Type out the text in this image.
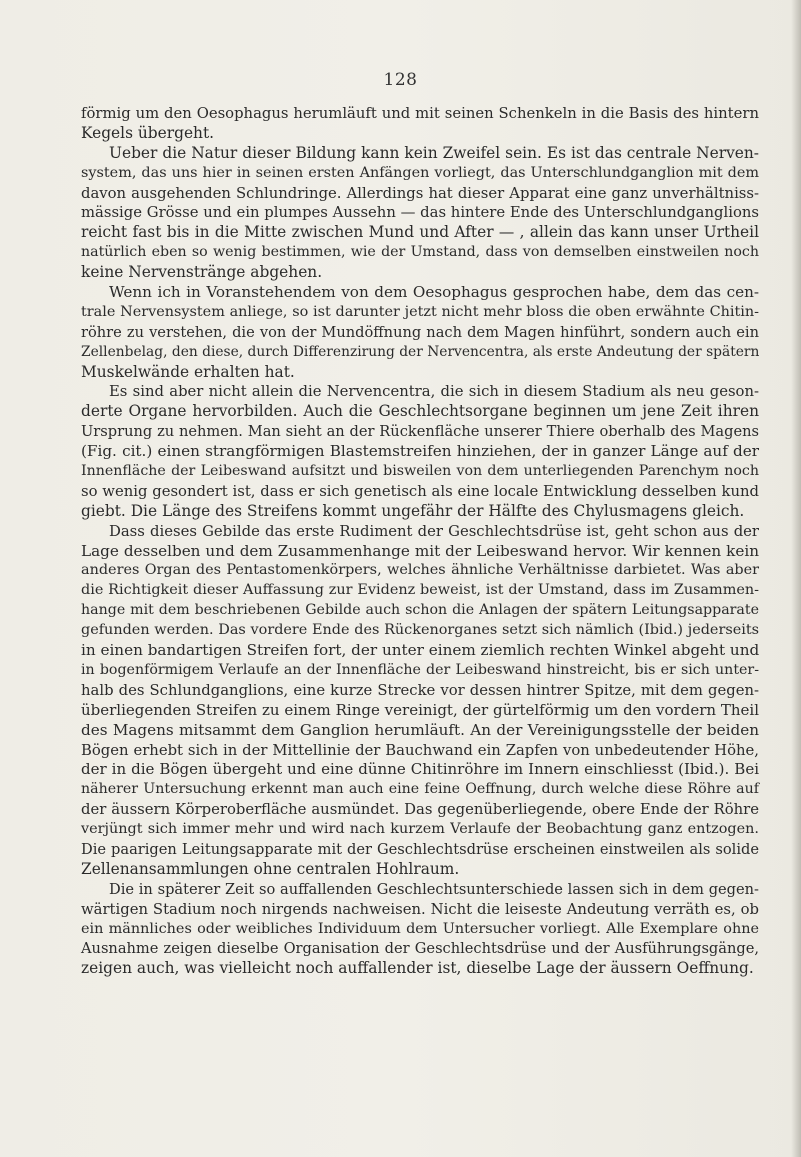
128
förmig um den Oesophagus herumläuft und mit seinen Schenkeln in die Basis des hintern
Kegels übergeht.
Ueber die Natur dieser Bildung kann kein Zweifel sein. Es ist das centrale Nerven-
system, das uns hier in seinen ersten Anfängen vorliegt, das Unterschlundganglion mit dem
davon ausgehenden Schlundringe. Allerdings hat dieser Apparat eine ganz unverhältniss-
mässige Grösse und ein plumpes Aussehn — das hintere Ende des Unterschlundganglions
reicht fast bis in die Mitte zwischen Mund und After — , allein das kann unser Urtheil
natürlich eben so wenig bestimmen, wie der Umstand, dass von demselben einstweilen noch
keine Nervenstränge abgehen.
Wenn ich in Voranstehendem von dem Oesophagus gesprochen habe, dem das cen-
trale Nervensystem anliege, so ist darunter jetzt nicht mehr bloss die oben erwähnte Chitin-
röhre zu verstehen, die von der Mundöffnung nach dem Magen hinführt, sondern auch ein
Zellenbelag, den diese, durch Differenzirung der Nervencentra, als erste Andeutung der spätern
Muskelwände erhalten hat.
Es sind aber nicht allein die Nervencentra, die sich in diesem Stadium als neu geson-
derte Organe hervorbilden. Auch die Geschlechtsorgane beginnen um jene Zeit ihren
Ursprung zu nehmen. Man sieht an der Rückenfläche unserer Thiere oberhalb des Magens
(Fig. cit.) einen strangförmigen Blastemstreifen hinziehen, der in ganzer Länge auf der
Innenfläche der Leibeswand aufsitzt und bisweilen von dem unterliegenden Parenchym noch
so wenig gesondert ist, dass er sich genetisch als eine locale Entwicklung desselben kund
giebt. Die Länge des Streifens kommt ungefähr der Hälfte des Chylusmagens gleich.
Dass dieses Gebilde das erste Rudiment der Geschlechtsdrüse ist, geht schon aus der
Lage desselben und dem Zusammenhange mit der Leibeswand hervor. Wir kennen kein
anderes Organ des Pentastomenkörpers, welches ähnliche Verhältnisse darbietet. Was aber
die Richtigkeit dieser Auffassung zur Evidenz beweist, ist der Umstand, dass im Zusammen-
hange mit dem beschriebenen Gebilde auch schon die Anlagen der spätern Leitungsapparate
gefunden werden. Das vordere Ende des Rückenorganes setzt sich nämlich (Ibid.) jederseits
in einen bandartigen Streifen fort, der unter einem ziemlich rechten Winkel abgeht und
in bogenförmigem Verlaufe an der Innenfläche der Leibeswand hinstreicht, bis er sich unter-
halb des Schlundganglions, eine kurze Strecke vor dessen hintrer Spitze, mit dem gegen-
überliegenden Streifen zu einem Ringe vereinigt, der gürtelförmig um den vordern Theil
des Magens mitsammt dem Ganglion herumläuft. An der Vereinigungsstelle der beiden
Bögen erhebt sich in der Mittellinie der Bauchwand ein Zapfen von unbedeutender Höhe,
der in die Bögen übergeht und eine dünne Chitinröhre im Innern einschliesst (Ibid.). Bei
näherer Untersuchung erkennt man auch eine feine Oeffnung, durch welche diese Röhre auf
der äussern Körperoberfläche ausmündet. Das gegenüberliegende, obere Ende der Röhre
verjüngt sich immer mehr und wird nach kurzem Verlaufe der Beobachtung ganz entzogen.
Die paarigen Leitungsapparate mit der Geschlechtsdrüse erscheinen einstweilen als solide
Zellenansammlungen ohne centralen Hohlraum.
Die in späterer Zeit so auffallenden Geschlechtsunterschiede lassen sich in dem gegen-
wärtigen Stadium noch nirgends nachweisen. Nicht die leiseste Andeutung verräth es, ob
ein männliches oder weibliches Individuum dem Untersucher vorliegt. Alle Exemplare ohne
Ausnahme zeigen dieselbe Organisation der Geschlechtsdrüse und der Ausführungsgänge,
zeigen auch, was vielleicht noch auffallender ist, dieselbe Lage der äussern Oeffnung.
